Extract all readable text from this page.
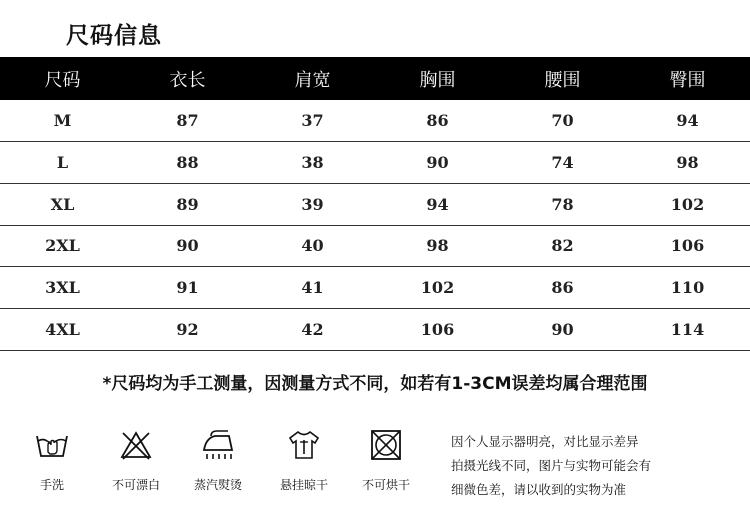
尺码信息
尺码	衣长	肩宽	胸围	腰围	臀围
M	87	37	86	70	94
L	88	38	90	74	98
XL	89	39	94	78	102
2XL	90	40	98	82	106
3XL	91	41	102	86	110
4XL	92	42	106	90	114
*尺码均为手工测量，因测量方式不同，如若有1-3CM误差均属合理范围
手洗	不可漂白	蒸汽熨烫	悬挂晾干	不可烘干
因个人显示器明亮，对比显示差异
拍摄光线不同，图片与实物可能会有
细微色差，请以收到的实物为准
